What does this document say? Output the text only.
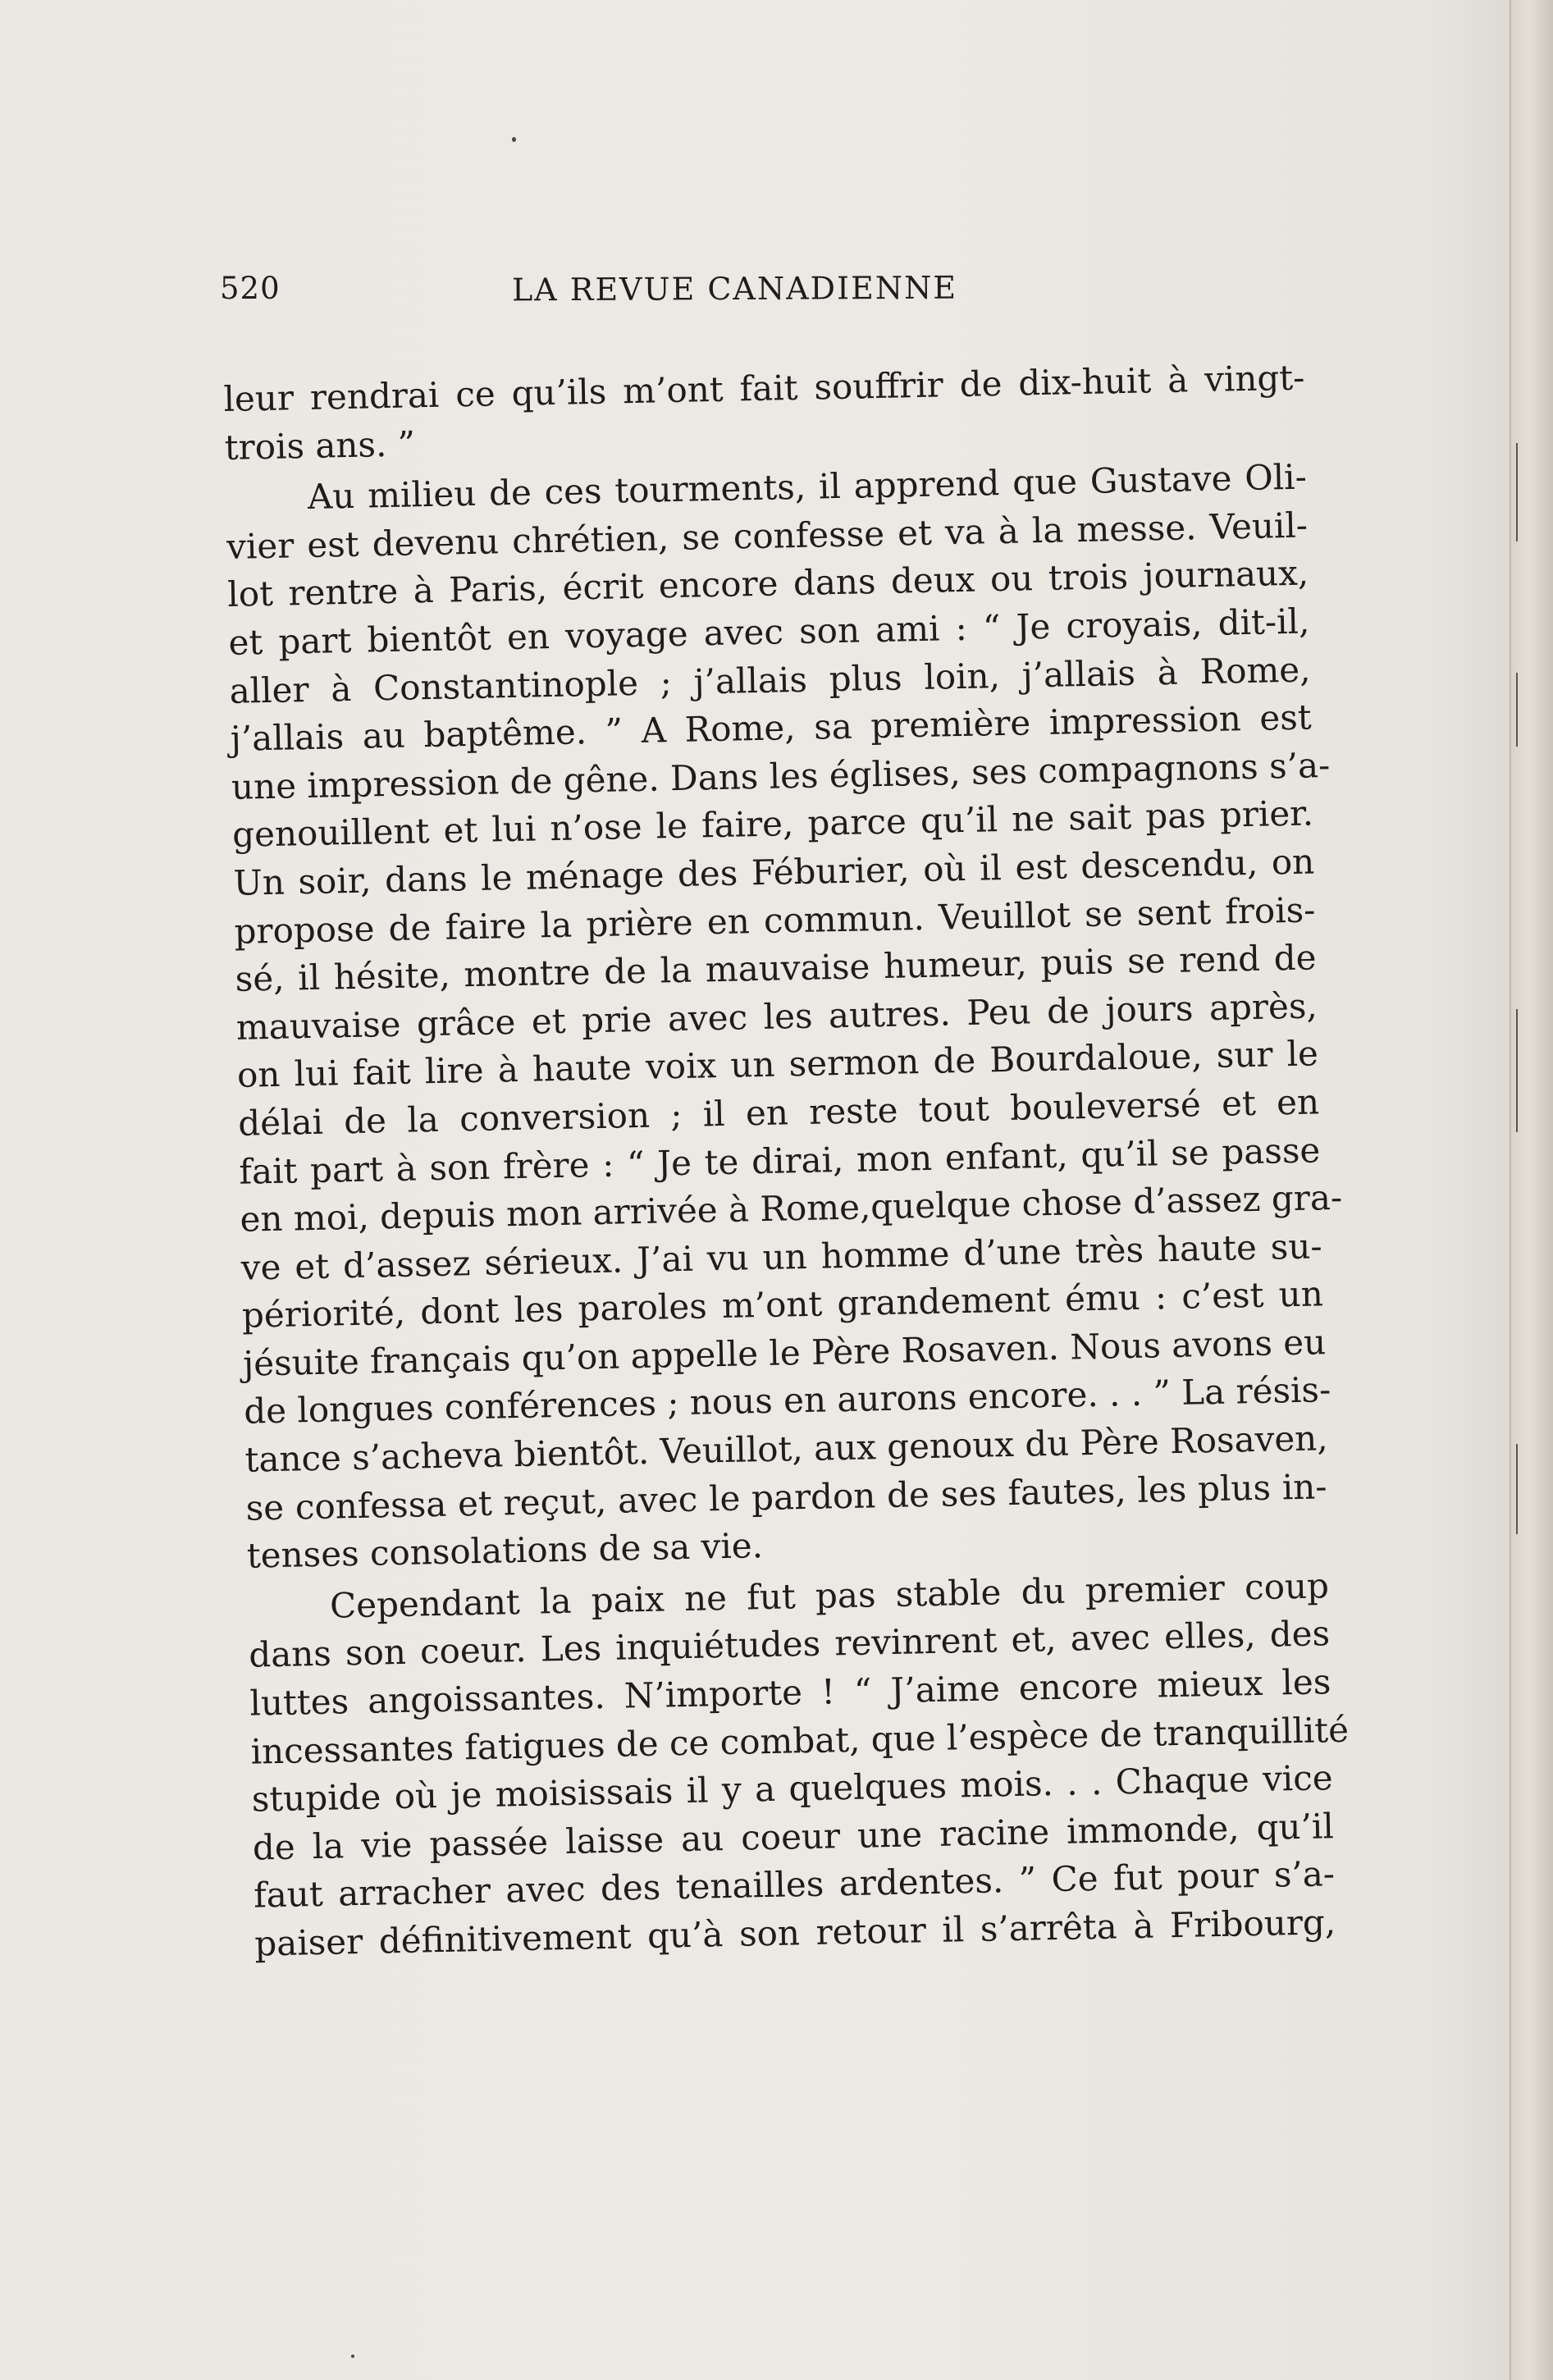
520	LA REVUE CANADIENNE
leur rendrai ce qu’ils m’ont fait souffrir de dix-huit à vingt-
trois ans. ”
Au milieu de ces tourments, il apprend que Gustave Oli-
vier est devenu chrétien, se confesse et va à la messe. Veuil-
lot rentre à Paris, écrit encore dans deux ou trois journaux,
et part bientôt en voyage avec son ami : “ Je croyais, dit-il,
aller à Constantinople ; j’allais plus loin, j’allais à Rome,
j’allais au baptême. ” A Rome, sa première impression est
une impression de gêne. Dans les églises, ses compagnons s’a-
genouillent et lui n’ose le faire, parce qu’il ne sait pas prier.
Un soir, dans le ménage des Féburier, où il est descendu, on
propose de faire la prière en commun. Veuillot se sent frois-
sé, il hésite, montre de la mauvaise humeur, puis se rend de
mauvaise grâce et prie avec les autres. Peu de jours après,
on lui fait lire à haute voix un sermon de Bourdaloue, sur le
délai de la conversion ; il en reste tout bouleversé et en
fait part à son frère : “ Je te dirai, mon enfant, qu’il se passe
en moi, depuis mon arrivée à Rome,quelque chose d’assez gra-
ve et d’assez sérieux. J’ai vu un homme d’une très haute su-
périorité, dont les paroles m’ont grandement ému : c’est un
jésuite français qu’on appelle le Père Rosaven. Nous avons eu
de longues conférences ; nous en aurons encore. . . ” La résis-
tance s’acheva bientôt. Veuillot, aux genoux du Père Rosaven,
se confessa et reçut, avec le pardon de ses fautes, les plus in-
tenses consolations de sa vie.
Cependant la paix ne fut pas stable du premier coup
dans son coeur. Les inquiétudes revinrent et, avec elles, des
luttes angoissantes. N’importe ! “ J’aime encore mieux les
incessantes fatigues de ce combat, que l’espèce de tranquillité
stupide où je moisissais il y a quelques mois. . . Chaque vice
de la vie passée laisse au coeur une racine immonde, qu’il
faut arracher avec des tenailles ardentes. ” Ce fut pour s’a-
paiser définitivement qu’à son retour il s’arrêta à Fribourg,
